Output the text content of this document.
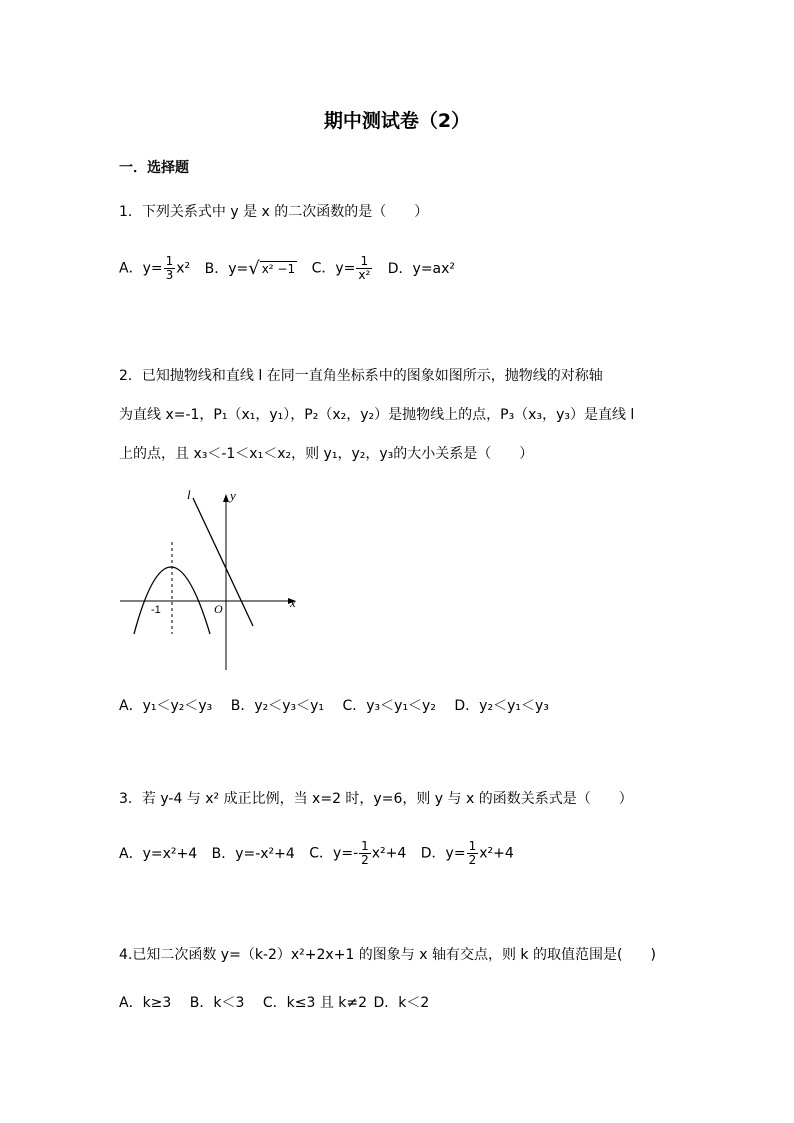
期中测试卷（2）
一．选择题
1．下列关系式中 y 是 x 的二次函数的是（　　）
A．$y= \frac{1}{3} x^2$ B．y=√ x² −1 C．$y= \frac{1}{\text{x²}}$ D．y=ax²
2．已知抛物线和直线 l 在同一直角坐标系中的图象如图所示，抛物线的对称轴
为直线 x=-1，P₁（x₁，y₁），P₂（x₂，y₂）是抛物线上的点，P₃（x₃，y₃）是直线 l
上的点，且 x₃＜-1＜x₁＜x₂，则 y₁，y₂，y₃的大小关系是（　　）
l	y
x
O
-1
A．y₁＜y₂＜y₃ B．y₂＜y₃＜y₁ C．y₃＜y₁＜y₂ D．y₂＜y₁＜y₃
3．若 y-4 与 x² 成正比例，当 x=2 时，y=6，则 y 与 x 的函数关系式是（　　）
A．y=x²+4 B．y=-x²+4 C．$y=- \frac{1}{2} x^2+4$ D．$y= \frac{1}{2} x^2+4$
4.已知二次函数 y=（k-2）x²+2x+1 的图象与 x 轴有交点，则 k 的取值范围是(　　)
A．k≥3 B．k＜3 C．k≤3 且 k≠2 D．k＜2
